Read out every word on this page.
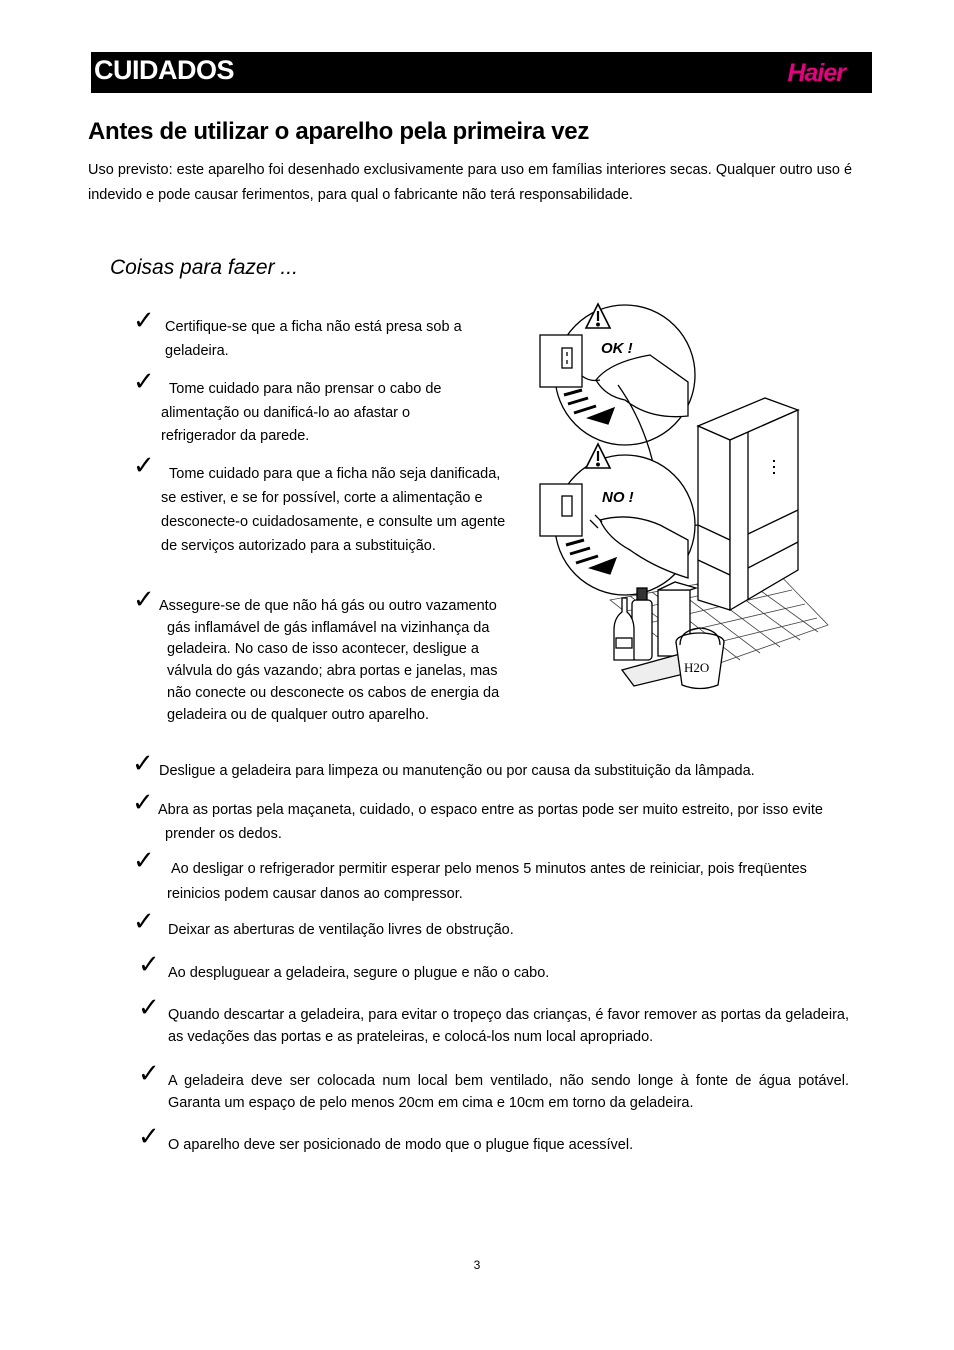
CUIDADOS	Haier
Antes de utilizar o aparelho pela primeira vez
Uso previsto: este aparelho foi desenhado exclusivamente para uso em famílias interiores secas. Qualquer outro uso é indevido e pode causar ferimentos, para qual o fabricante não terá responsabilidade.
Coisas para fazer ...
✓ Certifique-se que a ficha não está presa sob a geladeira.
✓ Tome cuidado para não prensar o cabo de alimentação ou danificá-lo ao afastar o refrigerador da parede.
✓ Tome cuidado para que a ficha não seja danificada, se estiver, e se for possível, corte a alimentação e desconecte-o cuidadosamente, e consulte um agente de serviços autorizado para a substituição.
✓ Assegure-se de que não há gás ou outro vazamento gás inflamável de gás inflamável na vizinhança da geladeira. No caso de isso acontecer, desligue a válvula do gás vazando; abra portas e janelas, mas não conecte ou desconecte os cabos de energia da geladeira ou de qualquer outro aparelho.
✓ Desligue a geladeira para limpeza ou manutenção ou por causa da substituição da lâmpada.
✓ Abra as portas pela maçaneta, cuidado, o espaco entre as portas pode ser muito estreito, por isso evite prender os dedos.
✓ Ao desligar o refrigerador permitir esperar pelo menos 5 minutos antes de reiniciar, pois freqüentes reinicios podem causar danos ao compressor.
✓ Deixar as aberturas de ventilação livres de obstrução.
✓ Ao despluguear a geladeira, segure o plugue e não o cabo.
✓ Quando descartar a geladeira, para evitar o tropeço das crianças, é favor remover as portas da geladeira, as vedações das portas e as prateleiras, e colocá-los num local apropriado.
✓ A geladeira deve ser colocada num local bem ventilado, não sendo longe à fonte de água potável. Garanta um espaço de pelo menos 20cm em cima e 10cm em torno da geladeira.
✓ O aparelho deve ser posicionado de modo que o plugue fique acessível.
OK !
NO !
H2O
3
